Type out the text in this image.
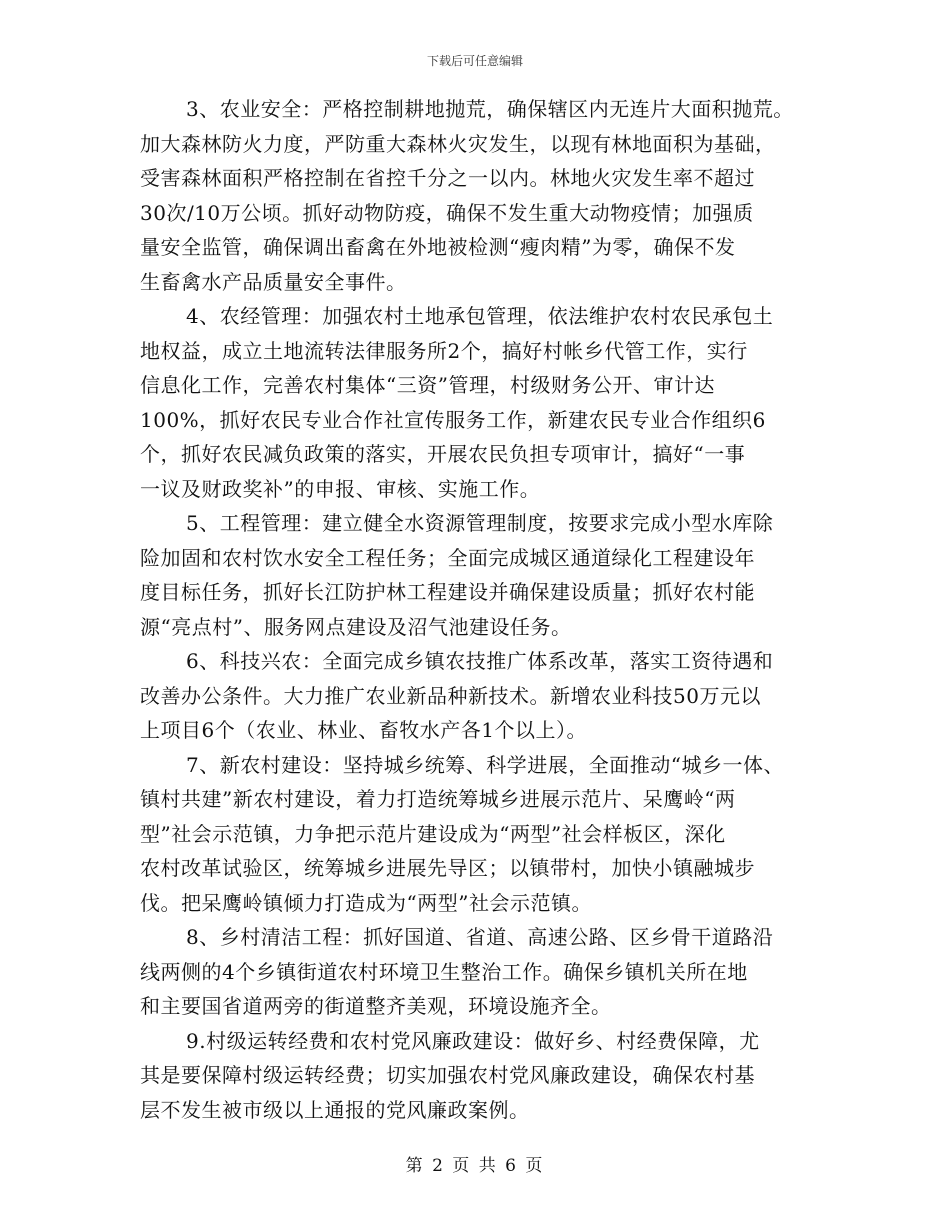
下载后可任意编辑

3、农业安全：严格控制耕地抛荒，确保辖区内无连片大面积抛荒。
加大森林防火力度，严防重大森林火灾发生，以现有林地面积为基础，
受害森林面积严格控制在省控千分之一以内。林地火灾发生率不超过
30次/10万公顷。抓好动物防疫，确保不发生重大动物疫情；加强质
量安全监管，确保调出畜禽在外地被检测“瘦肉精”为零，确保不发
生畜禽水产品质量安全事件。

4、农经管理：加强农村土地承包管理，依法维护农村农民承包土
地权益，成立土地流转法律服务所2个，搞好村帐乡代管工作，实行
信息化工作，完善农村集体“三资”管理，村级财务公开、审计达
100%，抓好农民专业合作社宣传服务工作，新建农民专业合作组织6
个，抓好农民减负政策的落实，开展农民负担专项审计，搞好“一事
一议及财政奖补”的申报、审核、实施工作。

5、工程管理：建立健全水资源管理制度，按要求完成小型水库除
险加固和农村饮水安全工程任务；全面完成城区通道绿化工程建设年
度目标任务，抓好长江防护林工程建设并确保建设质量；抓好农村能
源“亮点村”、服务网点建设及沼气池建设任务。

6、科技兴农：全面完成乡镇农技推广体系改革，落实工资待遇和
改善办公条件。大力推广农业新品种新技术。新增农业科技50万元以
上项目6个（农业、林业、畜牧水产各1个以上）。

7、新农村建设：坚持城乡统筹、科学进展，全面推动“城乡一体、
镇村共建”新农村建设，着力打造统筹城乡进展示范片、呆鹰岭“两
型”社会示范镇，力争把示范片建设成为“两型”社会样板区，深化
农村改革试验区，统筹城乡进展先导区；以镇带村，加快小镇融城步
伐。把呆鹰岭镇倾力打造成为“两型”社会示范镇。

8、乡村清洁工程：抓好国道、省道、高速公路、区乡骨干道路沿
线两侧的4个乡镇街道农村环境卫生整治工作。确保乡镇机关所在地
和主要国省道两旁的街道整齐美观，环境设施齐全。

9.村级运转经费和农村党风廉政建设：做好乡、村经费保障，尤
其是要保障村级运转经费；切实加强农村党风廉政建设，确保农村基
层不发生被市级以上通报的党风廉政案例。

第 2 页 共 6 页
